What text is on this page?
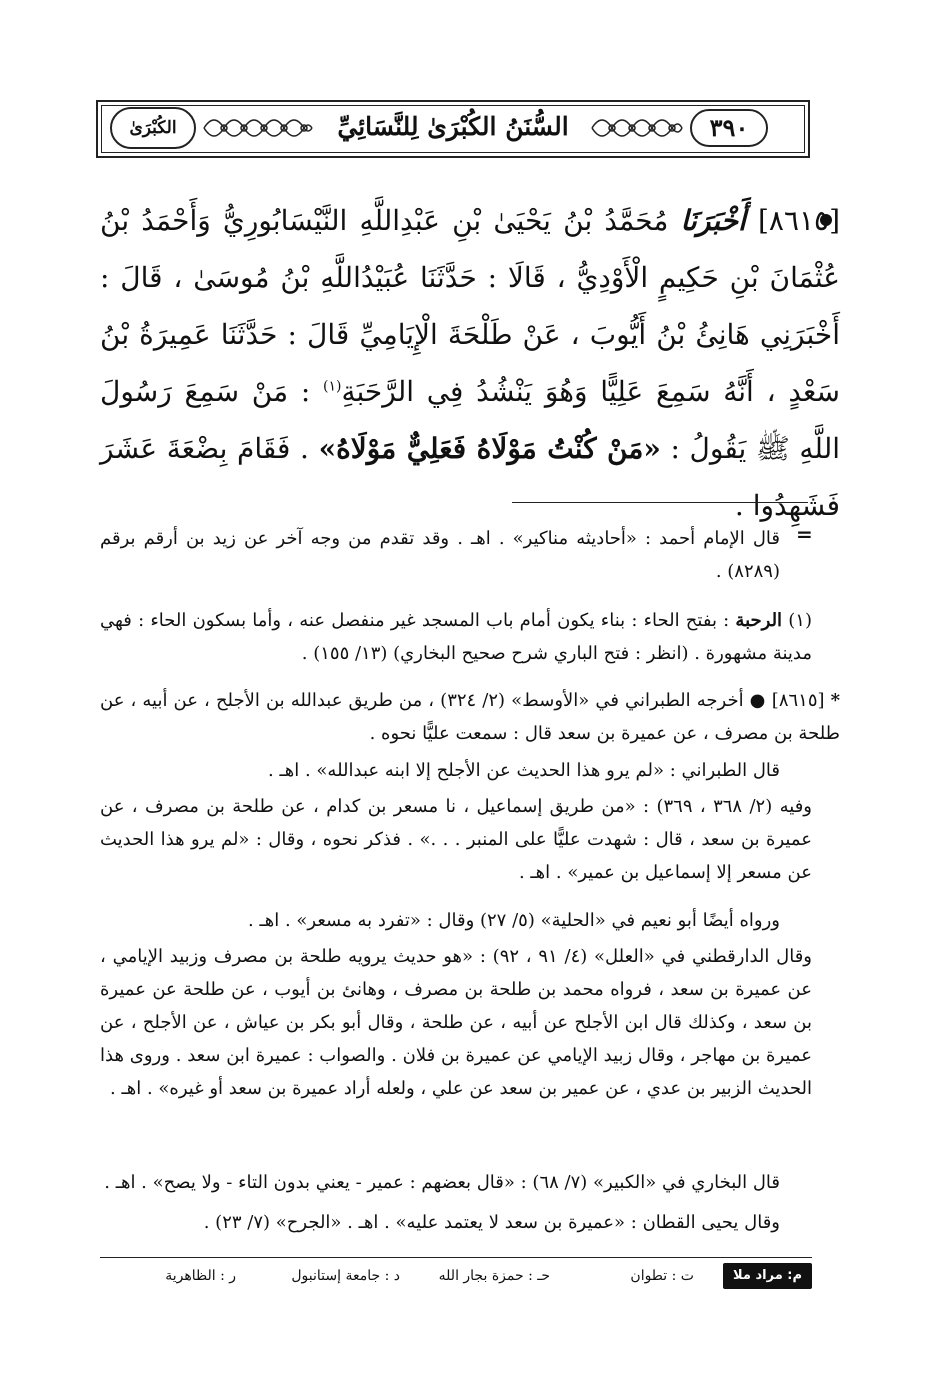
٣٩٠
السُّنَنُ الكُبْرَىٰ لِلنَّسَائِيِّ
الكُبْرَىٰ
[٨٦١٥] أَخْبَرَنَا مُحَمَّدُ بْنُ يَحْيَىٰ بْنِ عَبْدِاللَّهِ النَّيْسَابُورِيُّ وَأَحْمَدُ بْنُ عُثْمَانَ بْنِ حَكِيمٍ الْأَوْدِيُّ ، قَالَا : حَدَّثَنَا عُبَيْدُاللَّهِ بْنُ مُوسَىٰ ، قَالَ : أَخْبَرَنِي هَانِئُ بْنُ أَيُّوبَ ، عَنْ طَلْحَةَ الْإِيَامِيِّ قَالَ : حَدَّثَنَا عَمِيرَةُ بْنُ سَعْدٍ ، أَنَّهُ سَمِعَ عَلِيًّا وَهُوَ يَنْشُدُ فِي الرَّحَبَةِ$^{(١)}$ : مَنْ سَمِعَ رَسُولَ اللَّهِ ﷺ يَقُولُ : «مَنْ كُنْتُ مَوْلَاهُ فَعَلِيٌّ مَوْلَاهُ» . فَقَامَ بِضْعَةَ عَشَرَ فَشَهِدُوا .
=
قال الإمام أحمد : «أحاديثه مناكير» . اهـ . وقد تقدم من وجه آخر عن زيد بن أرقم برقم (٨٢٨٩) .
(١) الرحبة : بفتح الحاء : بناء يكون أمام باب المسجد غير منفصل عنه ، وأما بسكون الحاء : فهي مدينة مشهورة . (انظر : فتح الباري شرح صحيح البخاري) (١٣/ ١٥٥) .
* [٨٦١٥] ● أخرجه الطبراني في «الأوسط» (٢/ ٣٢٤) ، من طريق عبدالله بن الأجلح ، عن أبيه ، عن طلحة بن مصرف ، عن عميرة بن سعد قال : سمعت عليًّا نحوه .
قال الطبراني : «لم يرو هذا الحديث عن الأجلح إلا ابنه عبدالله» . اهـ .
وفيه (٢/ ٣٦٨ ، ٣٦٩) : «من طريق إسماعيل ، نا مسعر بن كدام ، عن طلحة بن مصرف ، عن عميرة بن سعد ، قال : شهدت عليًّا على المنبر . . .» . فذكر نحوه ، وقال : «لم يرو هذا الحديث عن مسعر إلا إسماعيل بن عمير» . اهـ .
ورواه أيضًا أبو نعيم في «الحلية» (٥/ ٢٧) وقال : «تفرد به مسعر» . اهـ .
وقال الدارقطني في «العلل» (٤/ ٩١ ، ٩٢) : «هو حديث يرويه طلحة بن مصرف وزبيد الإيامي ، عن عميرة بن سعد ، فرواه محمد بن طلحة بن مصرف ، وهانئ بن أيوب ، عن طلحة عن عميرة بن سعد ، وكذلك قال ابن الأجلح عن أبيه ، عن طلحة ، وقال أبو بكر بن عياش ، عن الأجلح ، عن عميرة بن مهاجر ، وقال زبيد الإيامي عن عميرة بن فلان . والصواب : عميرة ابن سعد . وروى هذا الحديث الزبير بن عدي ، عن عمير بن سعد عن علي ، ولعله أراد عميرة بن سعد أو غيره» . اهـ .
قال البخاري في «الكبير» (٧/ ٦٨) : «قال بعضهم : عمير - يعني بدون التاء - ولا يصح» . اهـ .
وقال يحيى القطان : «عميرة بن سعد لا يعتمد عليه» . اهـ . «الجرح» (٧/ ٢٣) .
م: مراد ملا
ت : تطوان
حـ : حمزة بجار الله
د : جامعة إستانبول
ر : الظاهرية
